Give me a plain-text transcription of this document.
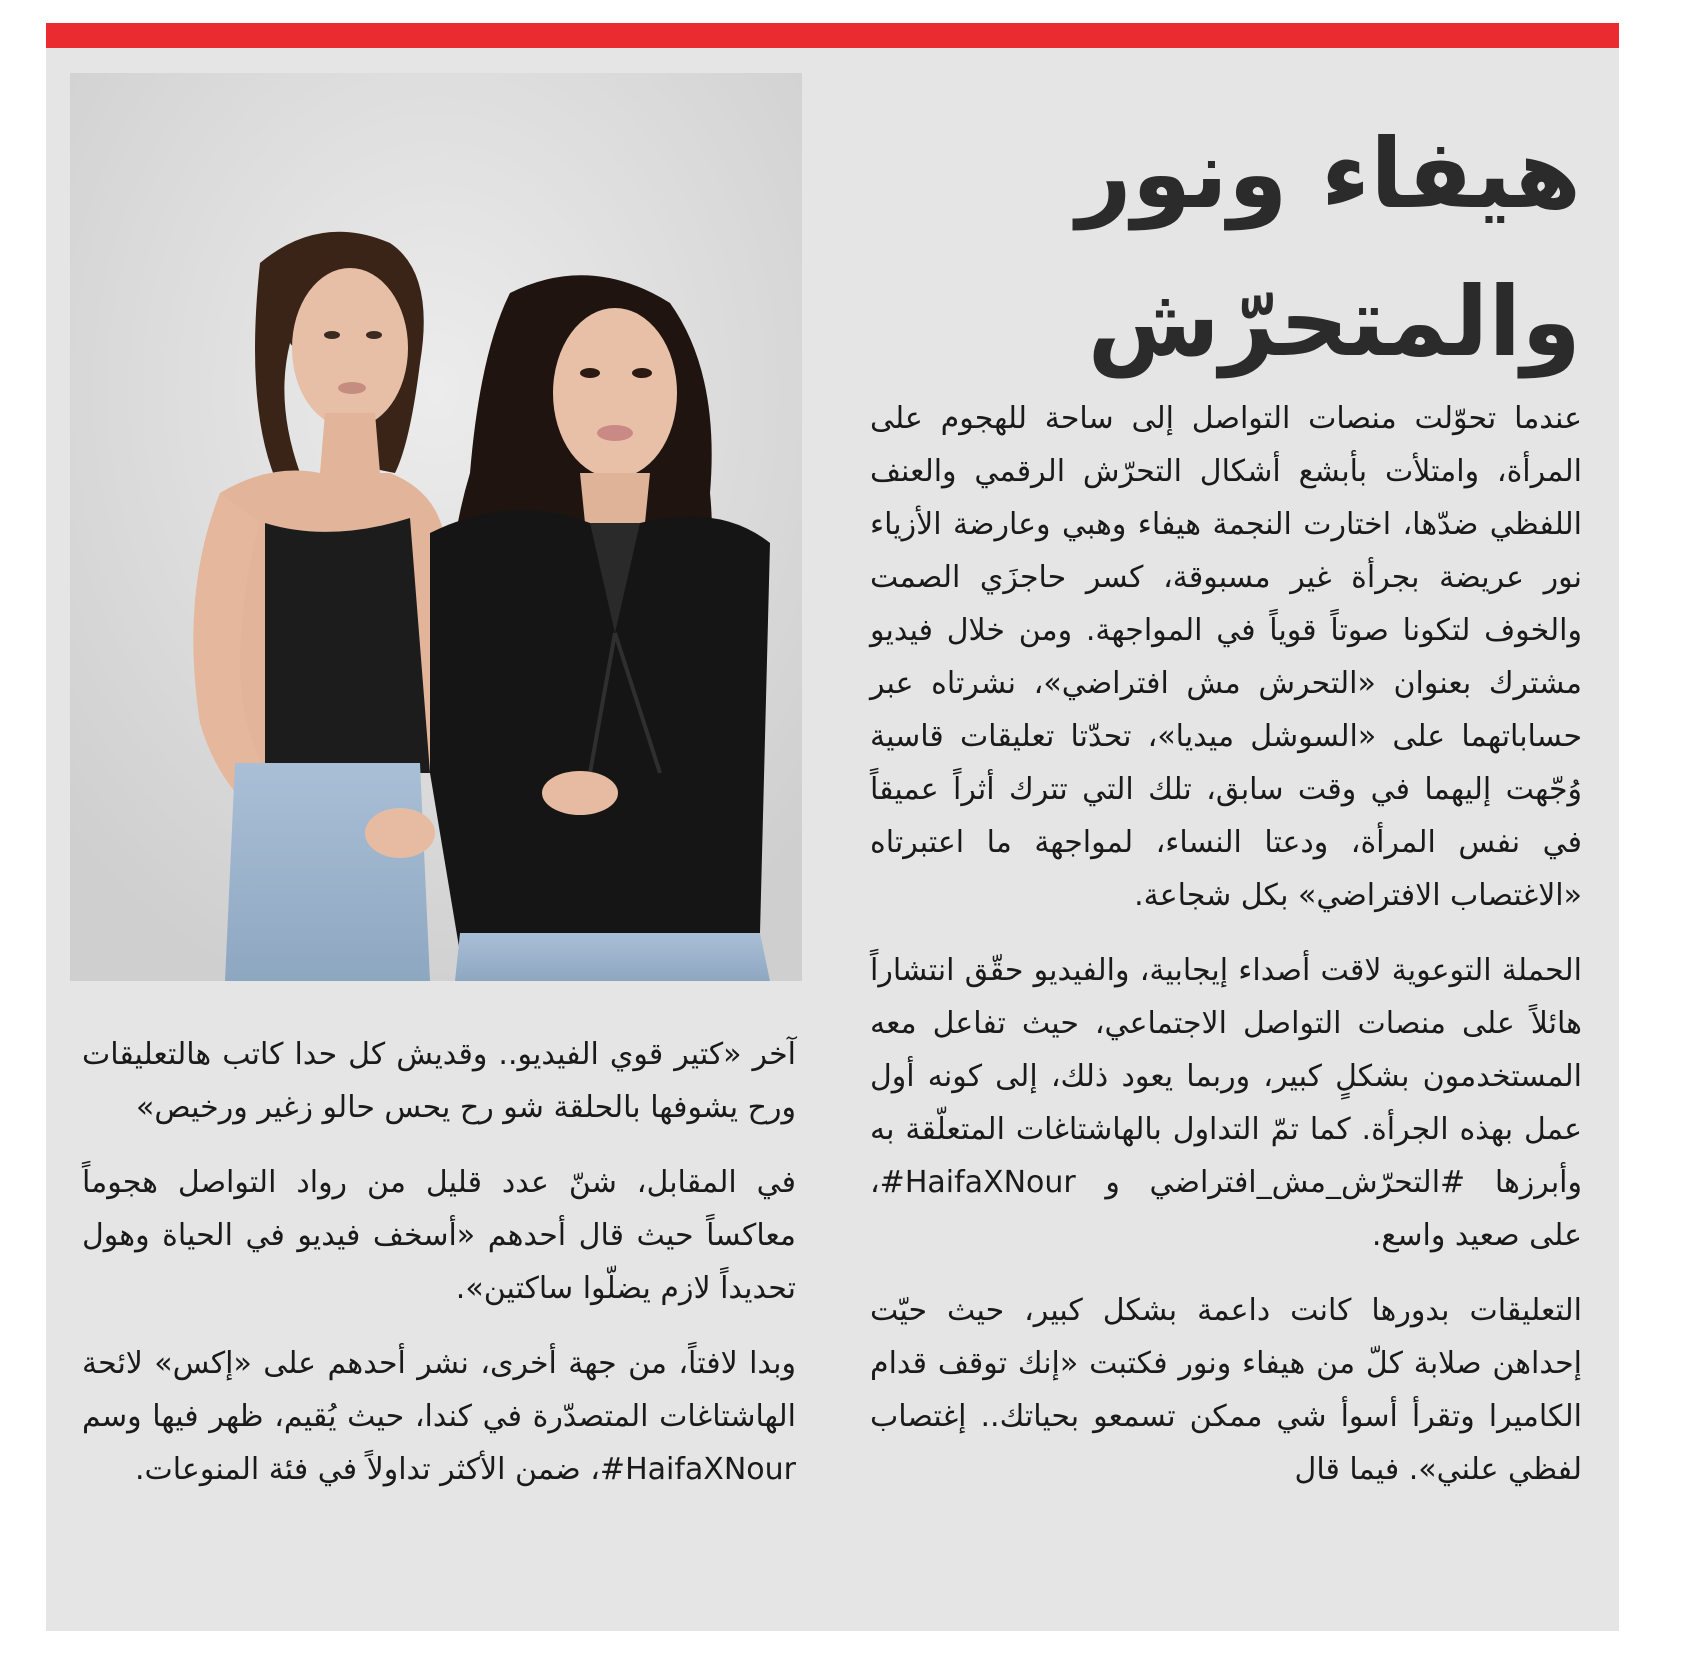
هيفاء ونور
والمتحرّش

عندما تحوّلت منصات التواصل إلى ساحة للهجوم على المرأة، وامتلأت بأبشع أشكال التحرّش الرقمي والعنف اللفظي ضدّها، اختارت النجمة هيفاء وهبي وعارضة الأزياء نور عريضة بجرأة غير مسبوقة، كسر حاجزَي الصمت والخوف لتكونا صوتاً قوياً في المواجهة. ومن خلال فيديو مشترك بعنوان «التحرش مش افتراضي»، نشرتاه عبر حساباتهما على «السوشل ميديا»، تحدّتا تعليقات قاسية وُجّهت إليهما في وقت سابق، تلك التي تترك أثراً عميقاً في نفس المرأة، ودعتا النساء، لمواجهة ما اعتبرتاه «الاغتصاب الافتراضي» بكل شجاعة.

الحملة التوعوية لاقت أصداء إيجابية، والفيديو حقّق انتشاراً هائلاً على منصات التواصل الاجتماعي، حيث تفاعل معه المستخدمون بشكلٍ كبير، وربما يعود ذلك، إلى كونه أول عمل بهذه الجرأة. كما تمّ التداول بالهاشتاغات المتعلّقة به وأبرزها #التحرّش_مش_افتراضي و HaifaXNour#، على صعيد واسع.

التعليقات بدورها كانت داعمة بشكل كبير، حيث حيّت إحداهن صلابة كلّ من هيفاء ونور فكتبت «إنك توقف قدام الكاميرا وتقرأ أسوأ شي ممكن تسمعو بحياتك.. إغتصاب لفظي علني». فيما قال

آخر «كتير قوي الفيديو.. وقديش كل حدا كاتب هالتعليقات ورح يشوفها بالحلقة شو رح يحس حالو زغير ورخيص»

في المقابل، شنّ عدد قليل من رواد التواصل هجوماً معاكساً حيث قال أحدهم «أسخف فيديو في الحياة وهول تحديداً لازم يضلّوا ساكتين».

وبدا لافتاً، من جهة أخرى، نشر أحدهم على «إكس» لائحة الهاشتاغات المتصدّرة في كندا، حيث يُقيم، ظهر فيها وسم HaifaXNour#، ضمن الأكثر تداولاً في فئة المنوعات.
